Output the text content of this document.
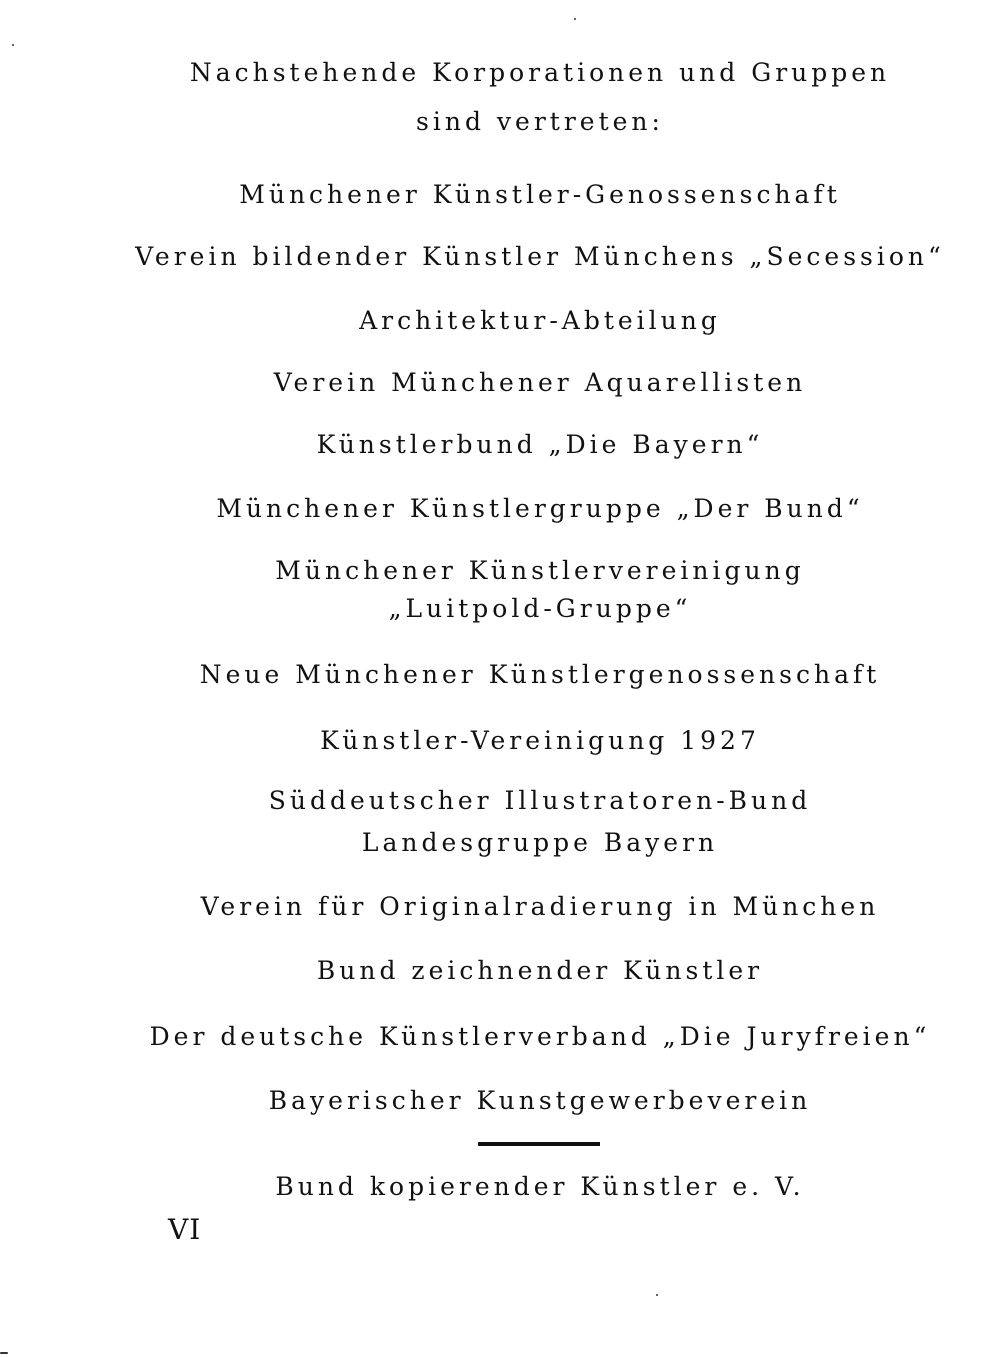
Nachstehende Korporationen und Gruppen
sind vertreten:
Münchener Künstler-Genossenschaft
Verein bildender Künstler Münchens „Secession“
Architektur-Abteilung
Verein Münchener Aquarellisten
Künstlerbund „Die Bayern“
Münchener Künstlergruppe „Der Bund“
Münchener Künstlervereinigung
„Luitpold-Gruppe“
Neue Münchener Künstlergenossenschaft
Künstler-Vereinigung 1927
Süddeutscher Illustratoren-Bund
Landesgruppe Bayern
Verein für Originalradierung in München
Bund zeichnender Künstler
Der deutsche Künstlerverband „Die Juryfreien“
Bayerischer Kunstgewerbeverein
Bund kopierender Künstler e. V.
VI
